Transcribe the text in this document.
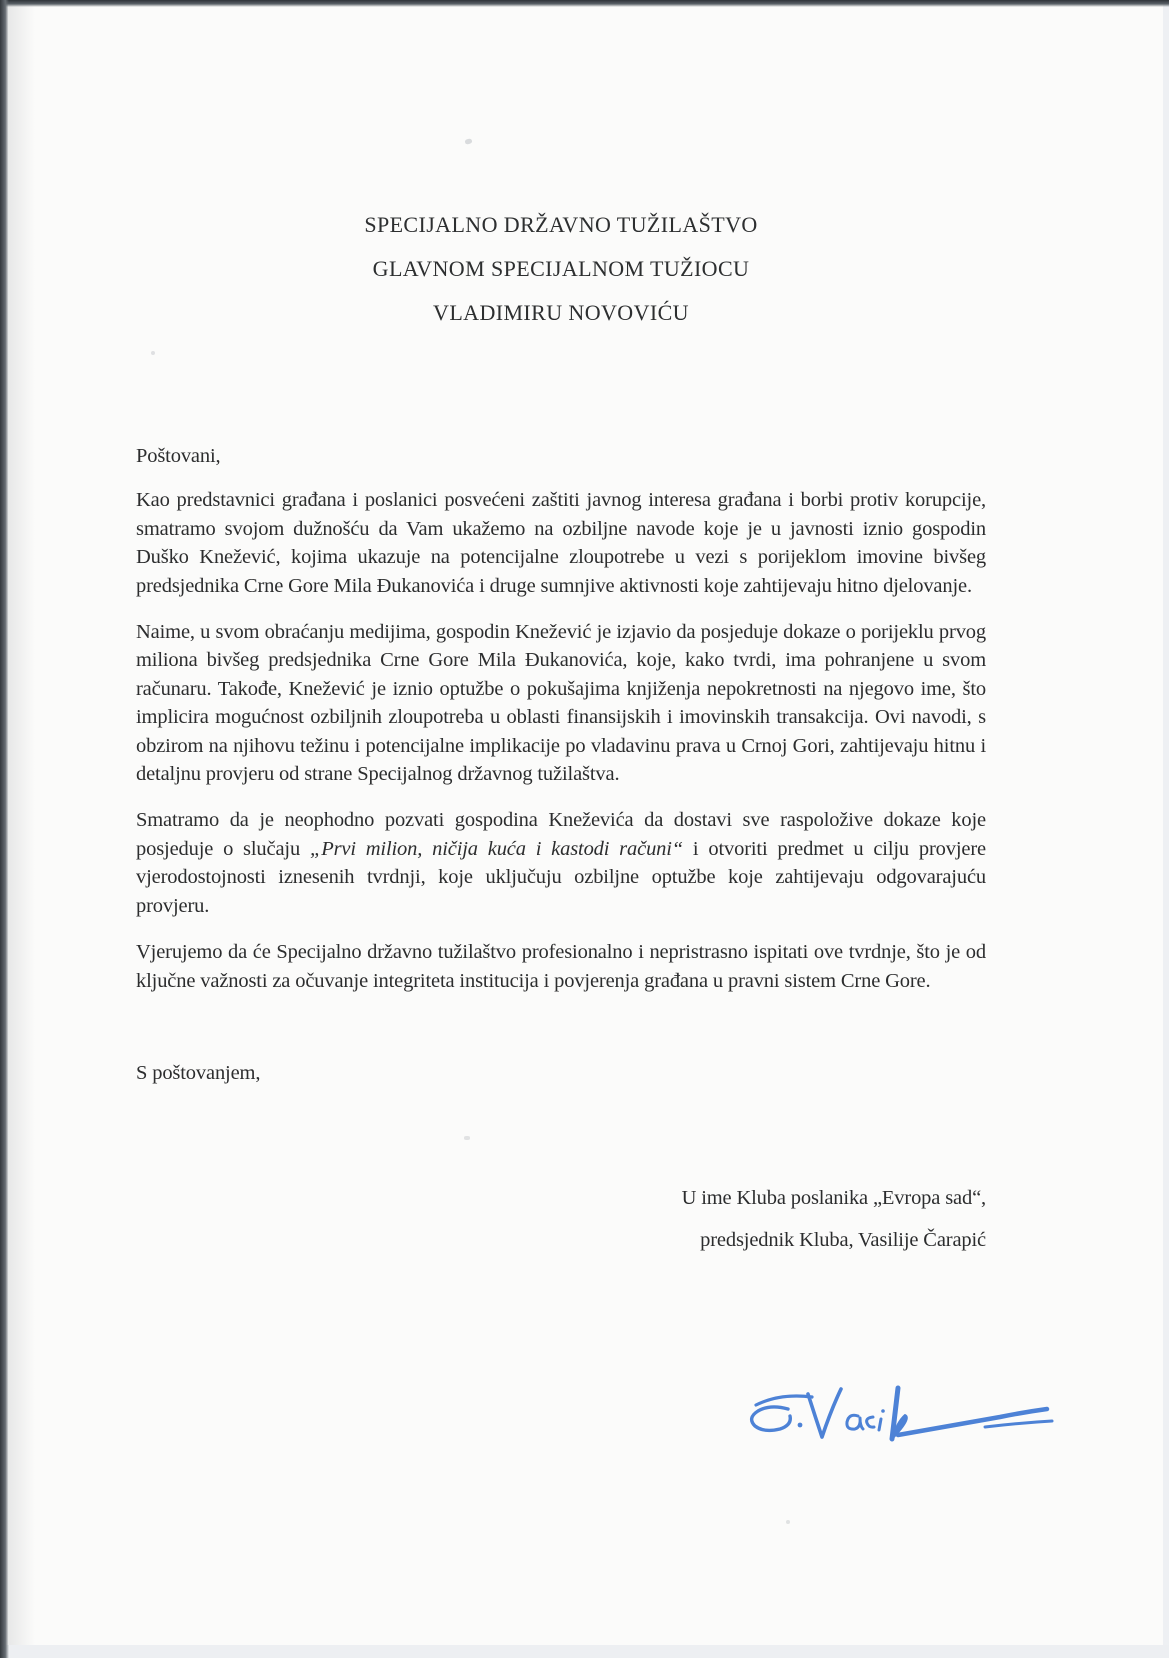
SPECIJALNO DRŽAVNO TUŽILAŠTVO
GLAVNOM SPECIJALNOM TUŽIOCU
VLADIMIRU NOVOVIĆU

Poštovani,

Kao predstavnici građana i poslanici posvećeni zaštiti javnog interesa građana i borbi protiv korupcije, smatramo svojom dužnošću da Vam ukažemo na ozbiljne navode koje je u javnosti iznio gospodin Duško Knežević, kojima ukazuje na potencijalne zloupotrebe u vezi s porijeklom imovine bivšeg predsjednika Crne Gore Mila Đukanovića i druge sumnjive aktivnosti koje zahtijevaju hitno djelovanje.

Naime, u svom obraćanju medijima, gospodin Knežević je izjavio da posjeduje dokaze o porijeklu prvog miliona bivšeg predsjednika Crne Gore Mila Đukanovića, koje, kako tvrdi, ima pohranjene u svom računaru. Takođe, Knežević je iznio optužbe o pokušajima knjiženja nepokretnosti na njegovo ime, što implicira mogućnost ozbiljnih zloupotreba u oblasti finansijskih i imovinskih transakcija. Ovi navodi, s obzirom na njihovu težinu i potencijalne implikacije po vladavinu prava u Crnoj Gori, zahtijevaju hitnu i detaljnu provjeru od strane Specijalnog državnog tužilaštva.

Smatramo da je neophodno pozvati gospodina Kneževića da dostavi sve raspoložive dokaze koje posjeduje o slučaju „Prvi milion, ničija kuća i kastodi računi“ i otvoriti predmet u cilju provjere vjerodostojnosti iznesenih tvrdnji, koje uključuju ozbiljne optužbe koje zahtijevaju odgovarajuću provjeru.

Vjerujemo da će Specijalno državno tužilaštvo profesionalno i nepristrasno ispitati ove tvrdnje, što je od ključne važnosti za očuvanje integriteta institucija i povjerenja građana u pravni sistem Crne Gore.

S poštovanjem,

U ime Kluba poslanika „Evropa sad“,
predsjednik Kluba, Vasilije Čarapić
